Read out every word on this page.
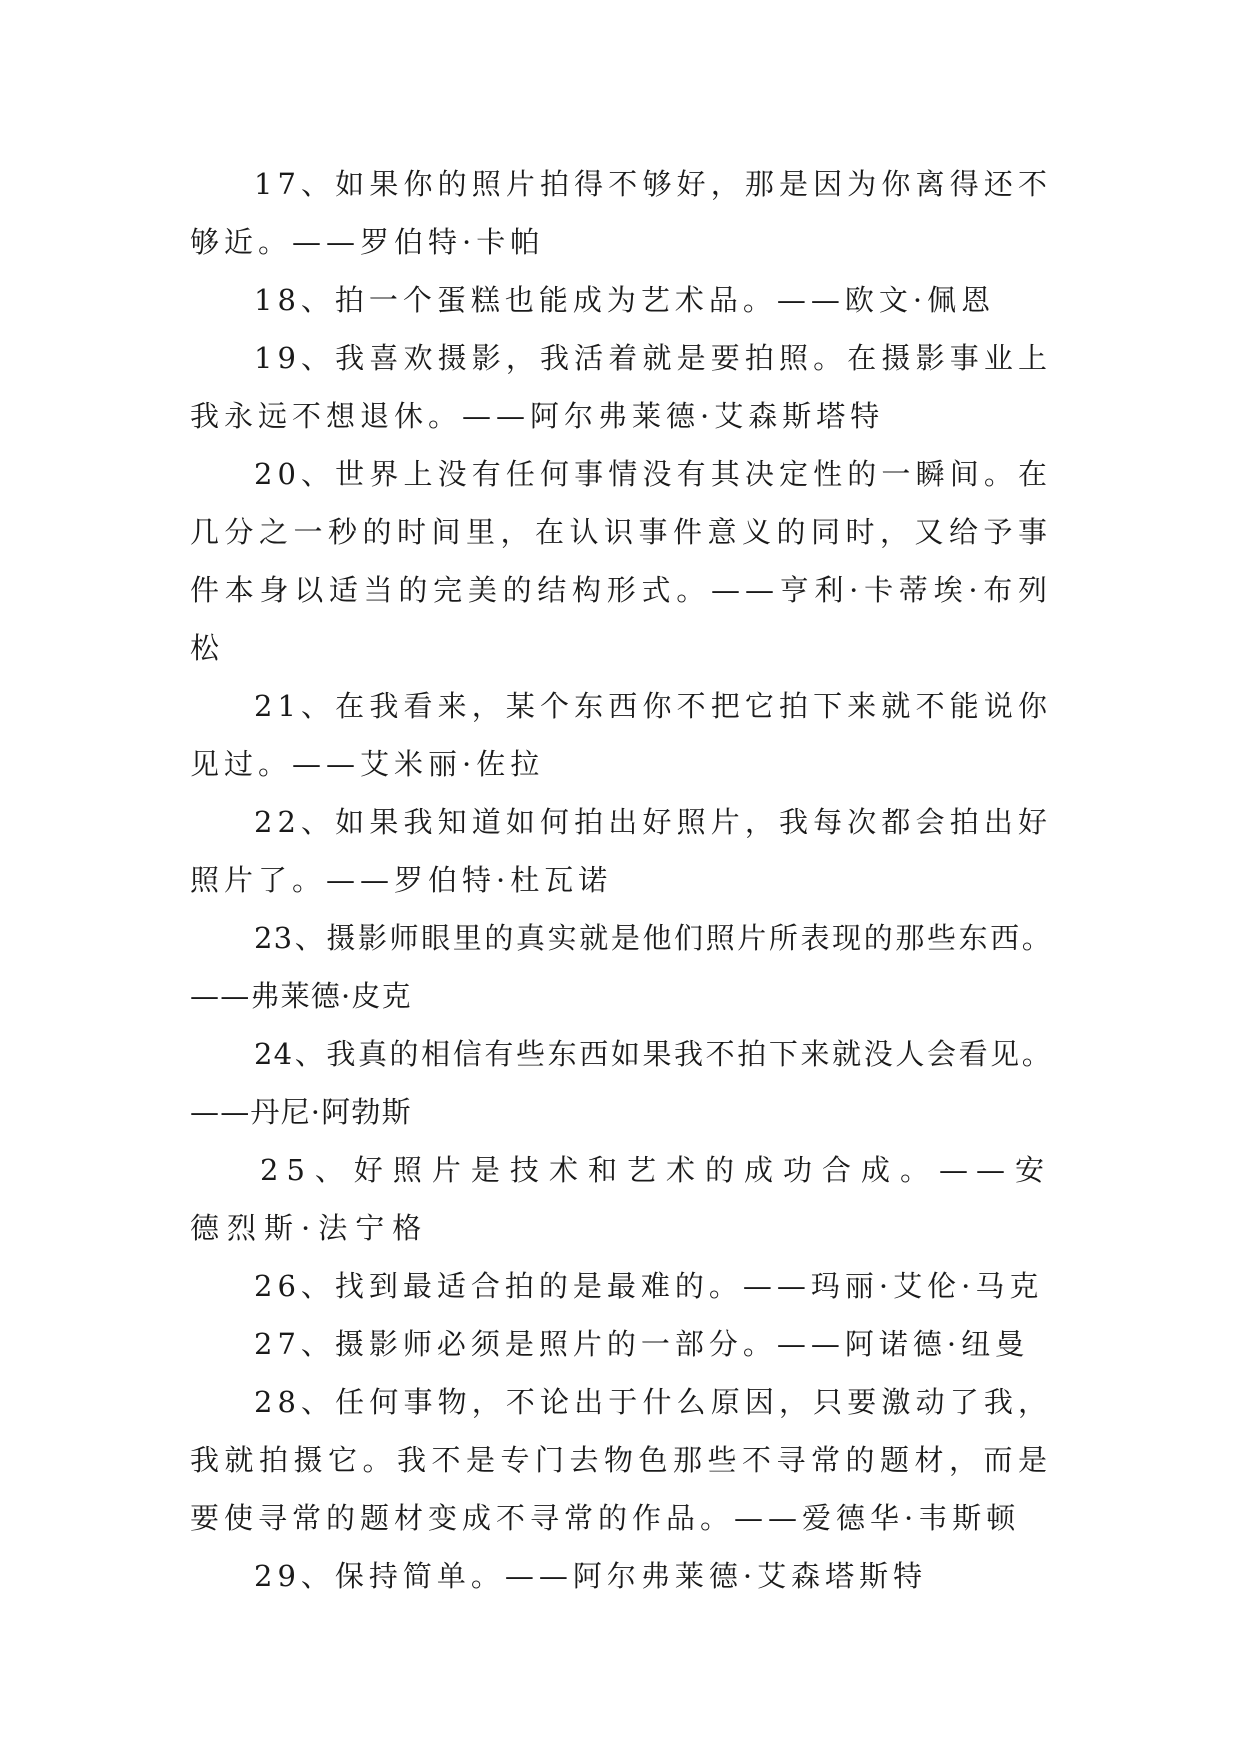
17、如果你的照片拍得不够好，那是因为你离得还不够近。——罗伯特·卡帕

18、拍一个蛋糕也能成为艺术品。——欧文·佩恩

19、我喜欢摄影，我活着就是要拍照。在摄影事业上我永远不想退休。——阿尔弗莱德·艾森斯塔特

20、世界上没有任何事情没有其决定性的一瞬间。在几分之一秒的时间里，在认识事件意义的同时，又给予事件本身以适当的完美的结构形式。——亨利·卡蒂埃·布列松

21、在我看来，某个东西你不把它拍下来就不能说你见过。——艾米丽·佐拉

22、如果我知道如何拍出好照片，我每次都会拍出好照片了。——罗伯特·杜瓦诺

23、摄影师眼里的真实就是他们照片所表现的那些东西。——弗莱德·皮克

24、我真的相信有些东西如果我不拍下来就没人会看见。——丹尼·阿勃斯

25、好照片是技术和艺术的成功合成。——安德烈斯·法宁格

26、找到最适合拍的是最难的。——玛丽·艾伦·马克

27、摄影师必须是照片的一部分。——阿诺德·纽曼

28、任何事物，不论出于什么原因，只要激动了我，我就拍摄它。我不是专门去物色那些不寻常的题材，而是要使寻常的题材变成不寻常的作品。——爱德华·韦斯顿

29、保持简单。——阿尔弗莱德·艾森塔斯特
